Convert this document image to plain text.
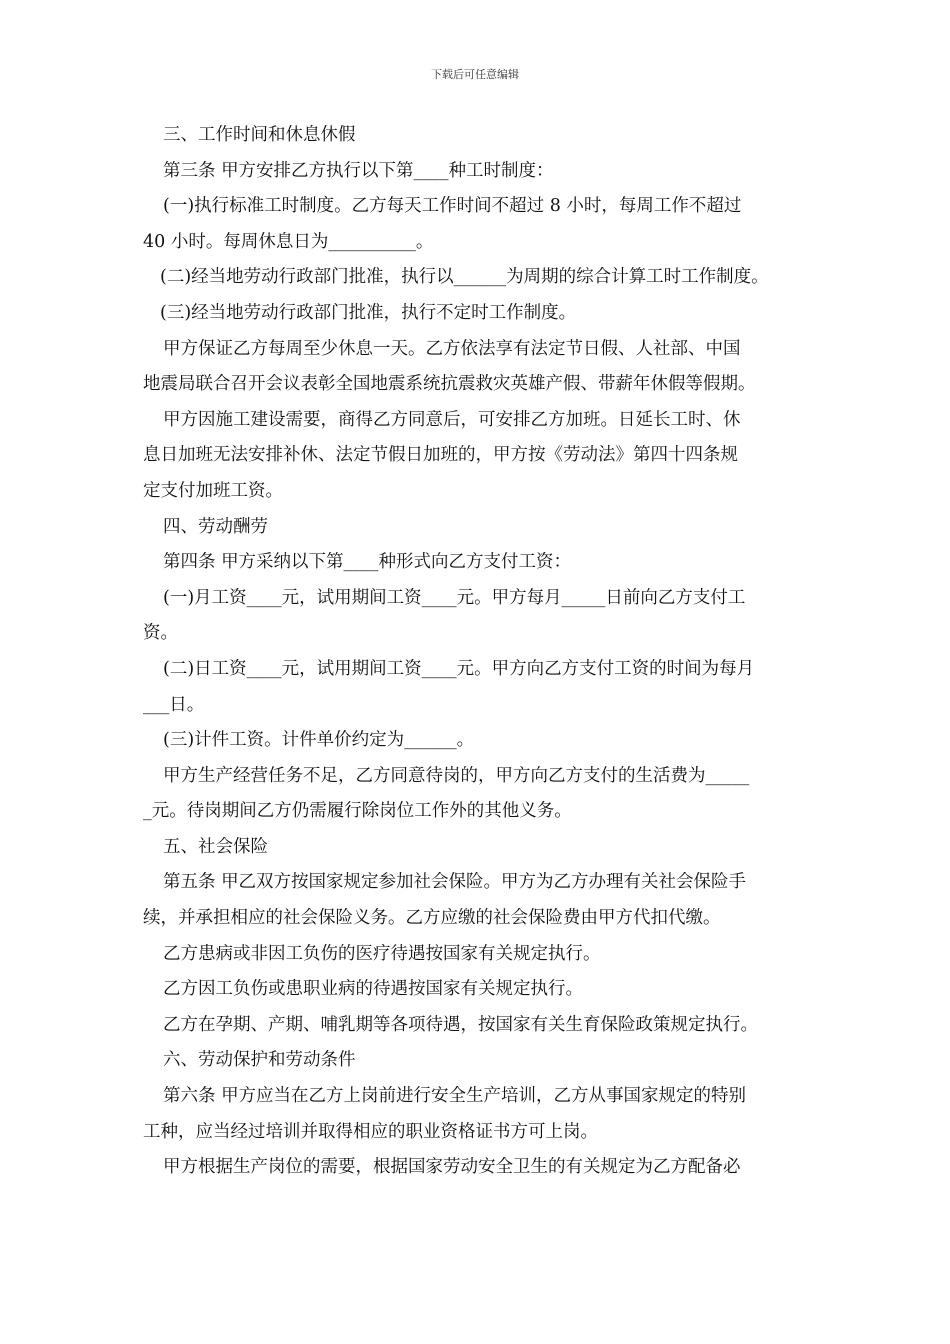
下载后可任意编辑
三、工作时间和休息休假
第三条 甲方安排乙方执行以下第____种工时制度：
(一)执行标准工时制度。乙方每天工作时间不超过 8 小时，每周工作不超过
40 小时。每周休息日为__________。
(二)经当地劳动行政部门批准，执行以______为周期的综合计算工时工作制度。
(三)经当地劳动行政部门批准，执行不定时工作制度。
甲方保证乙方每周至少休息一天。乙方依法享有法定节日假、人社部、中国
地震局联合召开会议表彰全国地震系统抗震救灾英雄产假、带薪年休假等假期。
甲方因施工建设需要，商得乙方同意后，可安排乙方加班。日延长工时、休
息日加班无法安排补休、法定节假日加班的，甲方按《劳动法》第四十四条规
定支付加班工资。
四、劳动酬劳
第四条 甲方采纳以下第____种形式向乙方支付工资：
(一)月工资____元，试用期间工资____元。甲方每月_____日前向乙方支付工
资。
(二)日工资____元，试用期间工资____元。甲方向乙方支付工资的时间为每月
___日。
(三)计件工资。计件单价约定为______。
甲方生产经营任务不足，乙方同意待岗的，甲方向乙方支付的生活费为_____
_元。待岗期间乙方仍需履行除岗位工作外的其他义务。
五、社会保险
第五条 甲乙双方按国家规定参加社会保险。甲方为乙方办理有关社会保险手
续，并承担相应的社会保险义务。乙方应缴的社会保险费由甲方代扣代缴。
乙方患病或非因工负伤的医疗待遇按国家有关规定执行。
乙方因工负伤或患职业病的待遇按国家有关规定执行。
乙方在孕期、产期、哺乳期等各项待遇，按国家有关生育保险政策规定执行。
六、劳动保护和劳动条件
第六条 甲方应当在乙方上岗前进行安全生产培训，乙方从事国家规定的特别
工种，应当经过培训并取得相应的职业资格证书方可上岗。
甲方根据生产岗位的需要，根据国家劳动安全卫生的有关规定为乙方配备必
